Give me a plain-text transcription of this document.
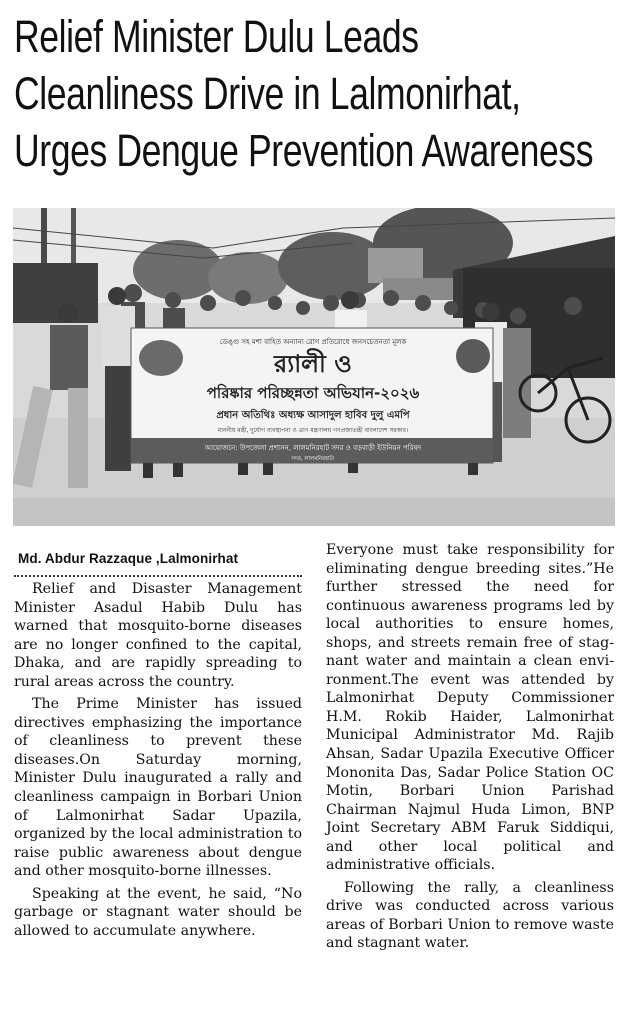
Relief Minister Dulu Leads
Cleanliness Drive in Lalmonirhat,
Urges Dengue Prevention Awareness
ডেঙ্গু সহ মশা বাহিত অন্যান্য রোগ প্রতিরোধে জনসচেতনতা মূলক
র‍্যালী ও
পরিষ্কার পরিচ্ছন্নতা অভিযান-২০২৬
প্রধান অতিথিঃ অধ্যক্ষ আসাদুল হাবিব দুলু এমপি
মাননীয় মন্ত্রী, দুর্যোগ ব্যবস্থাপনা ও ত্রাণ মন্ত্রণালয় গণপ্রজাতন্ত্রী বাংলাদেশ সরকার।
আয়োজনে: উপজেলা প্রশাসন, লালমনিরহাট সদর ও বড়বাড়ী ইউনিয়ন পরিষদ
সদর, লালমনিরহাট।
Md. Abdur Razzaque ,Lalmonirhat

Relief and Disaster Management Minister Asadul Habib Dulu has warned that mosquito-borne diseases are no longer confined to the capital, Dhaka, and are rapidly spreading to rural areas across the country.

The Prime Minister has issued directives emphasizing the importance of cleanliness to prevent these diseases.On Saturday morning, Minister Dulu inaugurated a rally and cleanliness campaign in Borbari Union of Lalmonirhat Sadar Upazila, organized by the local administration to raise public awareness about dengue and other mosquito-borne illnesses.

Speaking at the event, he said, “No garbage or stagnant water should be allowed to accumulate anywhere.

Everyone must take responsibility for eliminating dengue breeding sites.”He further stressed the need for continuous awareness programs led by local authorities to ensure homes, shops, and streets remain free of stagnant water and maintain a clean environment.The event was attended by Lalmonirhat Deputy Commissioner H.M. Rokib Haider, Lalmonirhat Municipal Administrator Md. Rajib Ahsan, Sadar Upazila Executive Officer Mononita Das, Sadar Police Station OC Motin, Borbari Union Parishad Chairman Najmul Huda Limon, BNP Joint Secretary ABM Faruk Siddiqui, and other local political and administrative officials.

Following the rally, a cleanliness drive was conducted across various areas of Borbari Union to remove waste and stagnant water.
